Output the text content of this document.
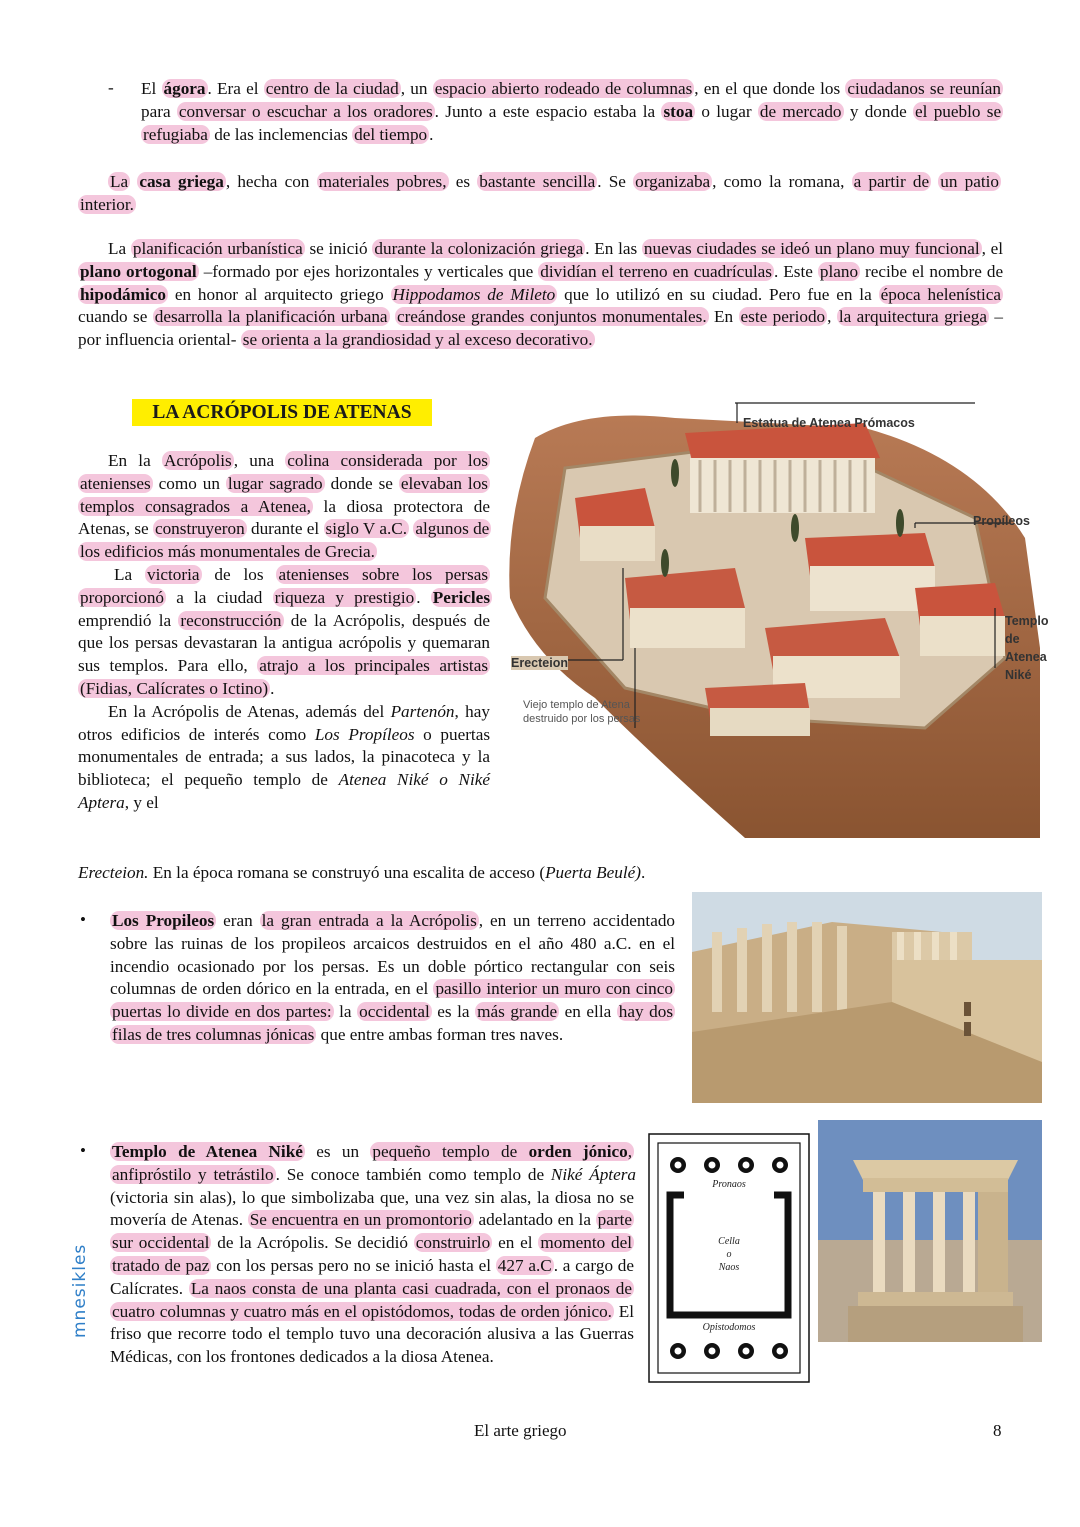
- El ágora . Era el centro de la ciudad , un espacio abierto rodeado de columnas , en el que donde los ciudadanos se reunían para conversar o escuchar a los oradores . Junto a este espacio estaba la stoa o lugar de mercado y donde el pueblo se refugiaba de las inclemencias del tiempo .

La casa griega , hecha con materiales pobres, es bastante sencilla . Se organizaba , como la romana, a partir de un patio interior.

La planificación urbanística se inició durante la colonización griega . En las nuevas ciudades se ideó un plano muy funcional , el plano ortogonal –formado por ejes horizontales y verticales que dividían el terreno en cuadrículas . Este plano recibe el nombre de hipodámico en honor al arquitecto griego Hippodamos de Mileto que lo utilizó en su ciudad. Pero fue en la época helenística cuando se desarrolla la planificación urbana creándose grandes conjuntos monumentales. En este periodo , la arquitectura griega –por influencia oriental- se orienta a la grandiosidad y al exceso decorativo.

LA ACRÓPOLIS DE ATENAS	Estatua de Atenea Prómacos
Propíleos
Templo de Atenea Niké
Erecteion
Viejo templo de Atena destruido por los persas

En la Acrópolis , una colina considerada por los atenienses como un lugar sagrado donde se elevaban los templos consagrados a Atenea, la diosa protectora de Atenas, se construyeron durante el siglo V a.C. algunos de los edificios más monumentales de Grecia.

La victoria de los atenienses sobre los persas proporcionó a la ciudad riqueza y prestigio . Pericles emprendió la reconstrucción de la Acrópolis, después de que los persas devastaran la antigua acrópolis y quemaran sus templos. Para ello, atrajo a los principales artistas (Fidias, Calícrates o Ictino) .

En la Acrópolis de Atenas, además del Partenón, hay otros edificios de interés como Los Propíleos o puertas monumentales de entrada; a sus lados, la pinacoteca y la biblioteca; el pequeño templo de Atenea Niké o Niké Aptera, y el

Erecteion. En la época romana se construyó una escalita de acceso (Puerta Beulé).

• Los Propileos eran la gran entrada a la Acrópolis , en un terreno accidentado sobre las ruinas de los propileos arcaicos destruidos en el año 480 a.C. en el incendio ocasionado por los persas. Es un doble pórtico rectangular con seis columnas de orden dórico en la entrada, en el pasillo interior un muro con cinco puertas lo divide en dos partes: la occidental es la más grande en ella hay dos filas de tres columnas jónicas que entre ambas forman tres naves.

• Templo de Atenea Niké es un pequeño templo de orden jónico, anfipróstilo y tetrástilo . Se conoce también como templo de Niké Áptera (victoria sin alas), lo que simbolizaba que, una vez sin alas, la diosa no se movería de Atenas. Se encuentra en un promontorio adelantado en la parte sur occidental de la Acrópolis. Se decidió construirlo en el momento del tratado de paz con los persas pero no se inició hasta el 427 a.C . a cargo de Calícrates. La naos consta de una planta casi cuadrada, con el pronaos de cuatro columnas y cuatro más en el opistódomos, todas de orden jónico. El friso que recorre todo el templo tuvo una decoración alusiva a las Guerras Médicas, con los frontones dedicados a la diosa Atenea.

mnesikles
Pronaos
Cella
o
Naos
Opistodomos
El arte griego	8
